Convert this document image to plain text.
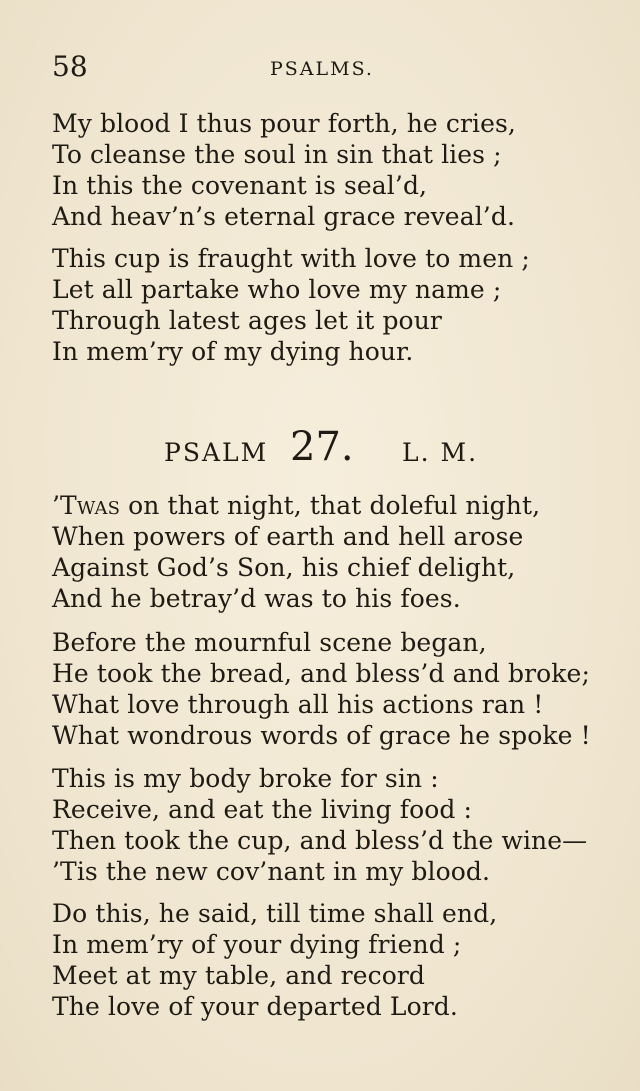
58	PSALMS.
My blood I thus pour forth, he cries,
To cleanse the soul in sin that lies ;
In this the covenant is seal’d,
And heav’n’s eternal grace reveal’d.
This cup is fraught with love to men ;
Let all partake who love my name ;
Through latest ages let it pour
In mem’ry of my dying hour.
PSALM 27. L. M.
’Twas on that night, that doleful night,
When powers of earth and hell arose
Against God’s Son, his chief delight,
And he betray’d was to his foes.
Before the mournful scene began,
He took the bread, and bless’d and broke;
What love through all his actions ran !
What wondrous words of grace he spoke !
This is my body broke for sin :
Receive, and eat the living food :
Then took the cup, and bless’d the wine—
’Tis the new cov’nant in my blood.
Do this, he said, till time shall end,
In mem’ry of your dying friend ;
Meet at my table, and record
The love of your departed Lord.
